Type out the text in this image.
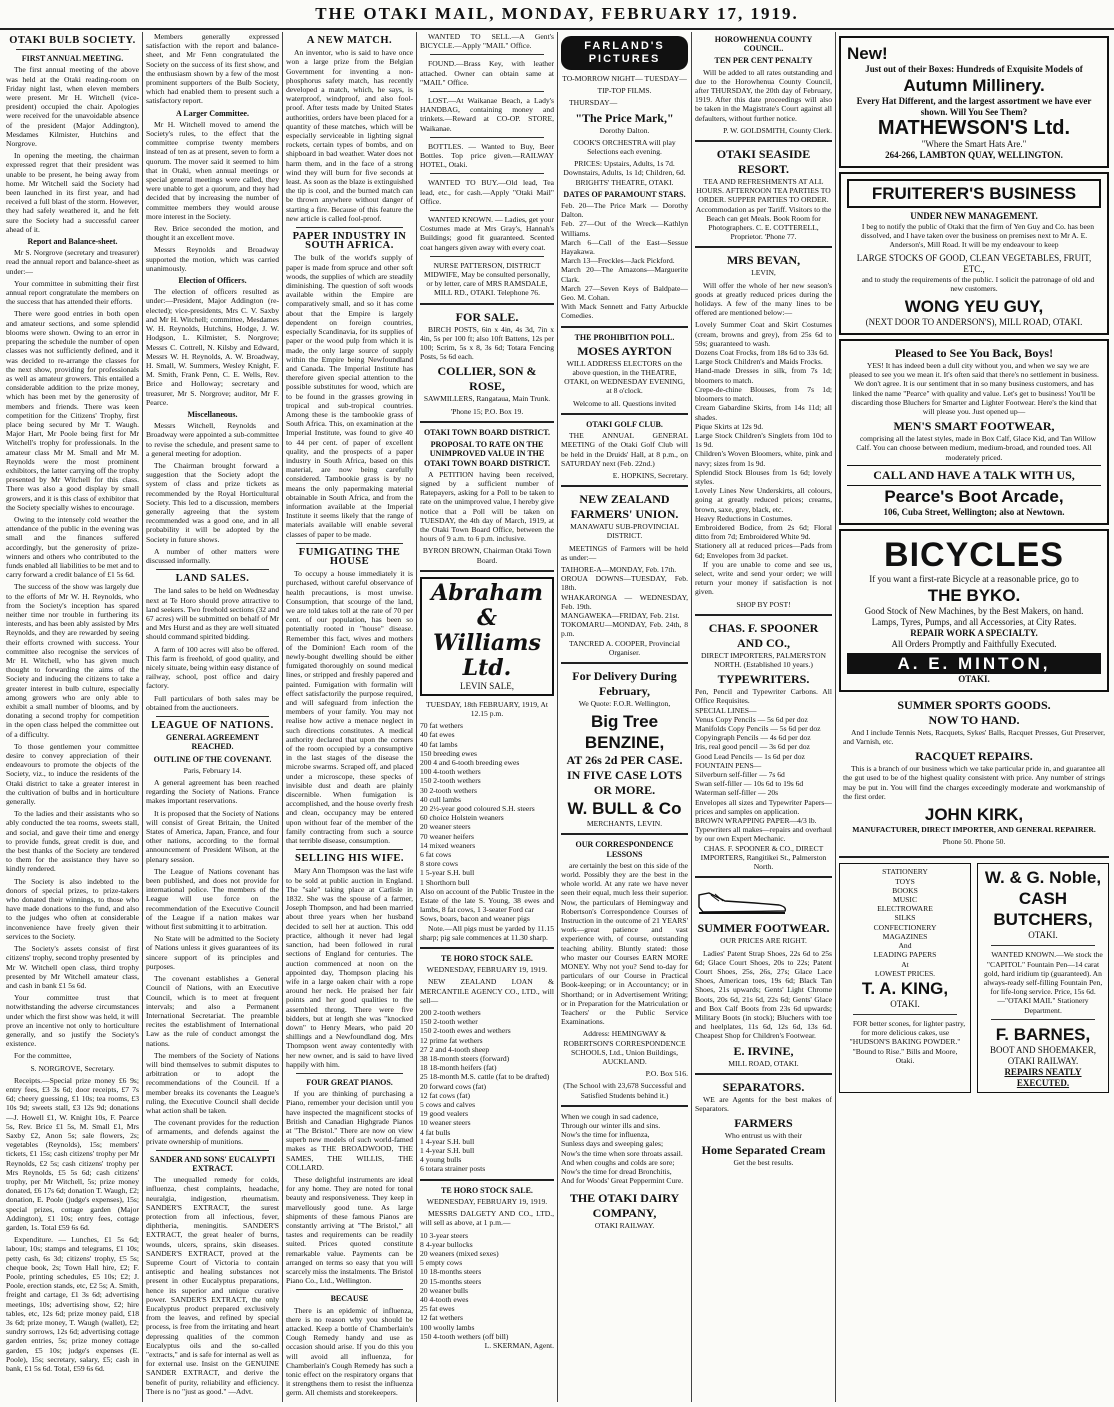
THE OTAKI MAIL, MONDAY, FEBRUARY 17, 1919.
OTAKI BULB SOCIETY.
FIRST ANNUAL MEETING.

The first annual meeting of the above was held at the Otaki reading-room on Friday night last, when eleven members were present. Mr H. Witchell (vice-president) occupied the chair. Apologies were received for the unavoidable absence of the president (Major Addington), Mesdames Kilmister, Hutchins and Norgrove.

In opening the meeting, the chairman expressed regret that their president was unable to be present, he being away from home. Mr Witchell said the Society had been launched in its first year, and had received a full blast of the storm. However, they had safely weathered it, and he felt sure the Society had a successful career ahead of it.

Report and Balance-sheet.

Mr S. Norgrove (secretary and treasurer) read the annual report and balance-sheet as under:—

Your committee in submitting their first annual report congratulate the members on the success that has attended their efforts.

There were good entries in both open and amateur sections, and some splendid blooms were shown. Owing to an error in preparing the schedule the number of open classes was not sufficiently defined, and it was decided to re-arrange the classes for the next show, providing for professionals as well as amateur growers. This entailed a considerable addition to the prize money, which has been met by the generosity of members and friends. There was keen competition for the Citizens' Trophy, first place being secured by Mr T. Waugh. Major Hart, Mr Poole being first for Mr Witchell's trophy for professionals. In the amateur class Mr M. Small and Mr M. Reynolds were the most prominent exhibitors, the latter carrying off the trophy presented by Mr Witchell for this class. There was also a good display by small growers, and it is this class of exhibitor that the Society specially wishes to encourage.

Owing to the intensely cold weather the attendance of the public in the evening was small and the finances suffered accordingly, but the generosity of prize-winners and others who contributed to the funds enabled all liabilities to be met and to carry forward a credit balance of £1 5s 6d.

The success of the show was largely due to the efforts of Mr W. H. Reynolds, who from the Society's inception has spared neither time nor trouble in furthering its interests, and has been ably assisted by Mrs Reynolds, and they are rewarded by seeing their efforts crowned with success. Your committee also recognise the services of Mr H. Witchell, who has given much thought to forwarding the aims of the Society and inducing the citizens to take a greater interest in bulb culture, especially among growers who are only able to exhibit a small number of blooms, and by donating a second trophy for competition in the open class helped the committee out of a difficulty.

To those gentlemen your committee desire to convey appreciation of their endeavours to promote the objects of the Society, viz., to induce the residents of the Otaki district to take a greater interest in the cultivation of bulbs and in horticulture generally.

To the ladies and their assistants who so ably conducted the tea rooms, sweets stall, and social, and gave their time and energy to provide funds, great credit is due, and the best thanks of the Society are tendered to them for the assistance they have so kindly rendered.

The Society is also indebted to the donors of special prizes, to prize-takers who donated their winnings, to those who have made donations to the fund, and also to the judges who often at considerable inconvenience have freely given their services to the Society.

The Society's assets consist of first citizens' trophy, second trophy presented by Mr W. Witchell open class, third trophy presented by Mr Witchell amateur class, and cash in bank £1 5s 6d.

Your committee trust that notwithstanding the adverse circumstances under which the first show was held, it will prove an incentive not only to horticulture generally, and so justify the Society's existence.

For the committee,

S. NORGROVE, Secretary.

Receipts.—Special prize money £6 9s; entry fees, £3 3s 6d; door receipts, £7 7s 6d; cheery guessing, £1 10s; tea rooms, £3 10s 9d; sweets stall, £3 12s 9d; donations—J. Howell £1, W. Knight 10s, F. Pearce 5s, Rev. Brice £1 5s, M. Small £1, Mrs Saxby £2, Anon 5s; sale flowers, 2s; vegetables (Reynolds), 15s; members' tickets, £1 15s; cash citizens' trophy per Mr Reynolds, £2 5s; cash citizens' trophy per Mrs Reynolds, £5 5s 6d; cash citizens' trophy, per Mr Witchell, 5s; prize money donated, £6 17s 6d; donation T. Waugh, £2; donation, E. Poole (judge's expenses), 15s; special prizes, cottage garden (Major Addington), £1 10s; entry fees, cottage garden, 1s. Total £59 6s 6d.

Expenditure. — Lunches, £1 5s 6d; labour, 10s; stamps and telegrams, £1 10s; petty cash, 6s 3d; citizens' trophy, £5 5s; cheque book, 2s; Town Hall hire, £2; F. Poole, printing schedules, £5 10s; £2; J. Poole, erection stands, etc, £2 5s; A. Smith, freight and cartage, £1 3s 6d; advertising meetings, 10s; advertising show, £2; hire tables, etc, 12s 6d; prize money paid, £18 3s 6d; prize money, T. Waugh (wallet), £2; sundry sorrows, 12s 6d; advertising cottage garden entries, 5s; prize money cottage garden, £5 10s; judge's expenses (E. Poole), 15s; secretary, salary, £5; cash in bank, £1 5s 6d. Total, £59 6s 6d.

Members generally expressed satisfaction with the report and balance-sheet, and Mr Fenn congratulated the Society on the success of its first show, and the enthusiasm shown by a few of the most prominent supporters of the Bulb Society, which had enabled them to present such a satisfactory report.

A Larger Committee.

Mr H. Witchell moved to amend the Society's rules, to the effect that the committee comprise twenty members instead of ten as at present, seven to form a quorum. The mover said it seemed to him that in Otaki, when annual meetings or special general meetings were called, they were unable to get a quorum, and they had decided that by increasing the number of committee members they would arouse more interest in the Society.

Rev. Brice seconded the motion, and thought it an excellent move.

Messrs Reynolds and Broadway supported the motion, which was carried unanimously.

Election of Officers.

The election of officers resulted as under:—President, Major Addington (re-elected); vice-presidents, Mrs C. V. Saxby and Mr H. Witchell; committee, Mesdames W. H. Reynolds, Hutchins, Hodge, J. W. Hodgson, L. Kilmister, S. Norgrove; Messrs C. Cottrell, N. Kilsby and Edward, Messrs W. H. Reynolds, A. W. Broadway, H. Small, W. Summers, Wesley Knight, F. M. Smith, Frank Penn, C. E. Wells, Rev. Brice and Holloway; secretary and treasurer, Mr S. Norgrove; auditor, Mr F. Pearce.

Miscellaneous.

Messrs Witchell, Reynolds and Broadway were appointed a sub-committee to revise the schedule, and present same to a general meeting for adoption.

The Chairman brought forward a suggestion that the Society adopt the system of class and prize tickets as recommended by the Royal Horticultural Society. This led to a discussion, members generally agreeing that the system recommended was a good one, and in all probability it will be adopted by the Society in future shows.

A number of other matters were discussed informally.

LAND SALES.

The land sales to be held on Wednesday next at Te Horo should prove attractive to land seekers. Two freehold sections (32 and 67 acres) will be submitted on behalf of Mr and Mrs Hurst and as they are well situated should command spirited bidding.

A farm of 100 acres will also be offered. This farm is freehold, of good quality, and nicely situate, being within easy distance of railway, school, post office and dairy factory.

Full particulars of both sales may be obtained from the auctioneers.

LEAGUE OF NATIONS.
GENERAL AGREEMENT REACHED.
OUTLINE OF THE COVENANT.

Paris, February 14.

A general agreement has been reached regarding the Society of Nations. France makes important reservations.

It is proposed that the Society of Nations will consist of Great Britain, the United States of America, Japan, France, and four other nations, according to the formal announcement of President Wilson, at the plenary session.

The League of Nations covenant has been published, and does not provide for international police. The members of the League will use force on the recommendation of the Executive Council of the League if a nation makes war without first submitting it to arbitration.

No State will be admitted to the Society of Nations unless it gives guarantees of its sincere support of its principles and purposes.

The covenant establishes a General Council of Nations, with an Executive Council, which is to meet at frequent intervals; and also a Permanent International Secretariat. The preamble recites the establishment of International Law as the rule of conduct amongst the nations.

The members of the Society of Nations will bind themselves to submit disputes to arbitration or to adopt the recommendations of the Council. If a member breaks its covenants the League's ruling, the Executive Council shall decide what action shall be taken.

The covenant provides for the reduction of armaments, and defends against the private ownership of munitions.

SANDER AND SONS' EUCALYPTI EXTRACT.

The unequalled remedy for colds, influenza, chest complaints, headache, neuralgia, indigestion, rheumatism. SANDER'S EXTRACT, the surest protection from all infectious, fever, diphtheria, meningitis. SANDER'S EXTRACT, the great healer of burns, wounds, ulcers, sprains, skin diseases. SANDER'S EXTRACT, proved at the Supreme Court of Victoria to contain antiseptic and healing substances not present in other Eucalyptus preparations, hence its superior and unique curative power. SANDER'S EXTRACT, the only Eucalyptus product prepared exclusively from the leaves, and refined by special process, is free from the irritating and heart depressing qualities of the common Eucalyptus oils and the so-called "extracts," and is safe for internal as well as for external use. Insist on the GENUINE SANDER EXTRACT, and derive the benefit of purity, reliability and efficiency. There is no "just as good." —Advt.

A NEW MATCH.

An inventor, who is said to have once won a large prize from the Belgian Government for inventing a non-phosphorus safety match, has recently developed a match, which, he says, is waterproof, windproof, and also fool-proof. After tests made by United States authorities, orders have been placed for a quantity of these matches, which will be especially serviceable in lighting signal rockets, certain types of bombs, and on shipboard in bad weather. Water does not harm them, and in the face of a strong wind they will burn for five seconds at least. As soon as the blaze is extinguished the tip is cool, and the burned match can be thrown anywhere without danger of starting a fire. Because of this feature the new article is called fool-proof.

PAPER INDUSTRY IN SOUTH AFRICA.

The bulk of the world's supply of paper is made from spruce and other soft woods, the supplies of which are steadily diminishing. The question of soft woods available within the Empire are comparatively small, and so it has come about that the Empire is largely dependent on foreign countries, especially Scandinavia, for its supplies of paper or the wood pulp from which it is made, the only large source of supply within the Empire being Newfoundland and Canada. The Imperial Institute has therefore given special attention to the possible substitutes for wood, which are to be found in the grasses growing in tropical and sub-tropical countries. Among these is the tambookie grass of South Africa. This, on examination at the Imperial Institute, was found to give 40 to 44 per cent. of paper of excellent quality, and the prospects of a paper industry in South Africa, based on this material, are now being carefully considered. Tambookie grass is by no means the only papermaking material obtainable in South Africa, and from the information available at the Imperial Institute it seems likely that the range of materials available will enable several classes of paper to be made.

FUMIGATING THE HOUSE

To occupy a house immediately it is purchased, without careful observance of health precautions, is most unwise. Consumption, that scourge of the land, we are told takes toll at the rate of 70 per cent. of our population, has been so potentially rooted in "house" disease. Remember this fact, wives and mothers of the Dominion! Each room of the newly-bought dwelling should be either fumigated thoroughly on sound medical lines, or stripped and freshly papered and painted. Fumigation with formalin will effect satisfactorily the purpose required, and will safeguard from infection the members of your family. You may not realise how active a menace neglect in such directions constitutes. A medical authority declared that upon the corners of the room occupied by a consumptive in the last stages of the disease the microbe swarms. Scraped off, and placed under a microscope, these specks of invisible dust and death are plainly discernible. When fumigation is accomplished, and the house overly fresh and clean, occupancy may be entered upon without fear of the member of the family contracting from such a source that terrible disease, consumption.

SELLING HIS WIFE.

Mary Ann Thompson was the last wife to be sold at public auction in England. The "sale" taking place at Carlisle in 1832. She was the spouse of a farmer, Joseph Thompson, and had been married about three years when her husband decided to sell her at auction. This odd practice, although it never had legal sanction, had been followed in rural sections of England for centuries. The auction commenced at noon on the appointed day, Thompson placing his wife in a large oaken chair with a rope around her neck. He praised her fair points and her good qualities to the assembled throng. There were five bidders, but at length she was "knocked down" to Henry Mears, who paid 20 shillings and a Newfoundland dog. Mrs Thompson went away contentedly with her new owner, and is said to have lived happily with him.

FOUR GREAT PIANOS.

If you are thinking of purchasing a Piano, remember your decision until you have inspected the magnificent stocks of British and Canadian Highgrade Pianos at "The Bristol." There are now on view superb new models of such world-famed makes as THE BROADWOOD, THE SAMES, THE WILLIS, THE COLLARD.

These delightful instruments are ideal for any home. They are noted for tonal beauty and responsiveness. They keep in marvellously good tune. As large shipments of these famous Pianos are constantly arriving at "The Bristol," all tastes and requirements can be readily suited. Prices quoted constitute remarkable value. Payments can be arranged on terms so easy that you will scarcely miss the instalments. The Bristol Piano Co., Ltd., Wellington.

BECAUSE

There is an epidemic of influenza, there is no reason why you should be attacked. Keep a bottle of Chamberlain's Cough Remedy handy and use as occasion should arise. If you do this you will avoid all influenza, for Chamberlain's Cough Remedy has such a tonic effect on the respiratory organs that it strengthens them to resist the influenza germ. All chemists and storekeepers.

WANTED TO SELL.—A Gent's BICYCLE.—Apply "MAIL" Office.

FOUND.—Brass Key, with leather attached. Owner can obtain same at "MAIL" Office.

LOST.—At Waikanae Beach, a Lady's HANDBAG, containing money and trinkets.—Reward at CO-OP. STORE, Waikanae.

BOTTLES. — Wanted to Buy, Beer Bottles. Top price given.—RAILWAY HOTEL, Otaki.

WANTED TO BUY.—Old lead, Tea lead, etc., for cash.—Apply "Otaki Mail" Office.

WANTED KNOWN. — Ladies, get your Costumes made at Mrs Gray's, Hannah's Buildings; good fit guaranteed. Scented coat hangers given away with every coat.

NURSE PATTERSON, DISTRICT MIDWIFE, May be consulted personally, or by letter, care of MRS RAMSDALE, MILL RD., OTAKI. Telephone 76.

FOR SALE.

BIRCH POSTS, 6in x 4in, 4s 3d, 7in x 4in, 5s per 100 ft; also 10ft Battens, 12s per 100; Scrim, 5s x 8, 3s 6d; Totara Fencing Posts, 5s 6d each.

COLLIER, SON & ROSE,

SAWMILLERS, Rangataua, Main Trunk.

'Phone 15; P.O. Box 19.

OTAKI TOWN BOARD DISTRICT.
PROPOSAL TO RATE ON THE UNIMPROVED VALUE IN THE OTAKI TOWN BOARD DISTRICT.

A PETITION having been received, signed by a sufficient number of Ratepayers, asking for a Poll to be taken to rate on the unimproved value, I hereby give notice that a Poll will be taken on TUESDAY, the 4th day of March, 1919, at the Otaki Town Board Office, between the hours of 9 a.m. to 6 p.m. inclusive.

BYRON BROWN, Chairman Otaki Town Board.

Abraham & Williams Ltd.
LEVIN SALE,

TUESDAY, 18th FEBRUARY, 1919, At 12.15 p.m.

70 fat wethers

40 fat ewes

40 fat lambs

150 breeding ewes

200 4 and 6-tooth breeding ewes

100 4-tooth wethers

150 2-tooth wethers

30 2-tooth wethers

40 cull lambs

20 2½-year good coloured S.H. steers

60 choice Holstein weaners

20 weaner steers

70 weaner heifers

14 mixed weaners

6 fat cows

8 store cows

1 5-year S.H. bull

1 Shorthorn bull

Also on account of the Public Trustee in the Estate of the late S. Young, 38 ewes and lambs, 8 fat cows, 1 3-seater Ford car

Sows, boars, bacon and weaner pigs

Note.—All pigs must be yarded by 11.15 sharp; pig sale commences at 11.30 sharp.

TE HORO STOCK SALE.

WEDNESDAY, FEBRUARY 19, 1919.

NEW ZEALAND LOAN & MERCANTILE AGENCY CO., LTD., will sell—

200 2-tooth wethers

150 2-tooth wether

150 2-tooth ewes and wethers

12 prime fat wethers

27 2 and 4-tooth sheep

38 18-month steers (forward)

18 18-month heifers (fat)

25 18-month M.S. cattle (fat to be drafted)

20 forward cows (fat)

12 fat cows (fat)

5 cows and calves

19 good vealers

10 weaner steers

4 fat bulls

1 4-year S.H. bull

1 4-year S.H. bull

4 young bulls

6 totara strainer posts

TE HORO STOCK SALE.

WEDNESDAY, FEBRUARY 19, 1919.

MESSRS DALGETY AND CO., LTD., will sell as above, at 1 p.m.—

10 3-year steers

8 4-year bullocks

20 weaners (mixed sexes)

5 empty cows

10 18-months steers

20 15-months steers

20 weaner bulls

40 4-tooth ewes

25 fat ewes

12 fat wethers

100 woolly lambs

150 4-tooth wethers (off bill)

L. SKERMAN, Agent.

FARLAND'S PICTURES

TO-MORROW NIGHT— TUESDAY—

TIP-TOP FILMS.

THURSDAY—

"The Price Mark,"

Dorothy Dalton.

COOK'S ORCHESTRA will play Selections each evening.

PRICES: Upstairs, Adults, 1s 7d. Downstairs, Adults, 1s 1d; Children, 6d. BRIGHTS' THEATRE, OTAKI.

DATES OF PARAMOUNT STARS.

Feb. 20—The Price Mark — Dorothy Dalton.

Feb. 27—Out of the Wreck—Kathlyn Williams.

March 6—Call of the East—Sessue Hayakawa.

March 13—Freckles—Jack Pickford.

March 20—The Amazons—Marguerite Clark.

March 27—Seven Keys of Baldpate—Geo. M. Cohan.

With Mack Sennett and Fatty Arbuckle Comedies.

THE PROHIBITION POLL.
MOSES AYRTON

WILL ADDRESS ELECTORS on the above question, in the THEATRE, OTAKI, on WEDNESDAY EVENING, at 8 o'clock.

Welcome to all. Questions invited

OTAKI GOLF CLUB.

THE ANNUAL GENERAL MEETING of the Otaki Golf Club will be held in the Druids' Hall, at 8 p.m., on SATURDAY next (Feb. 22nd.)

E. HOPKINS, Secretary.

NEW ZEALAND FARMERS' UNION.

MANAWATU SUB-PROVINCIAL DISTRICT.

MEETINGS of Farmers will be held as under:—

TAIHORE-A—MONDAY, Feb. 17th.

OROUA DOWNS—TUESDAY, Feb. 18th.

WHAKARONGA — WEDNESDAY, Feb. 19th.

MANGAWEKA—FRIDAY, Feb. 21st.

TOKOMARU—MONDAY, Feb. 24th, 8 p.m.

TANCRED A. COOPER, Provincial Organiser.

For Delivery During February,

We Quote: F.O.R. Wellington,

Big Tree
BENZINE,
AT 26s 2d PER CASE.
IN FIVE CASE LOTS OR MORE.
W. BULL & Co

MERCHANTS, LEVIN.

OUR CORRESPONDENCE LESSONS

are certainly the best on this side of the world. Possibly they are the best in the whole world. At any rate we have never seen their equal, much less their superior. Now, the particulars of Hemingway and Robertson's Correspondence Courses of Instruction in the outcome of 21 YEARS' work—great patience and vast experience with, of course, outstanding teaching ability. Bluntly stated: those who master our Courses EARN MORE MONEY. Why not you? Send to-day for particulars of our Course in Practical Book-keeping; or in Accountancy; or in Shorthand; or in Advertisement Writing; or in Preparation for the Matriculation or Teachers' or the Public Service Examinations.

Address: HEMINGWAY & ROBERTSON'S CORRESPONDENCE SCHOOLS, Ltd., Union Buildings, AUCKLAND.

P.O. Box 516.

(The School with 23,678 Successful and Satisfied Students behind it.)

When we cough in sad cadence,

Through our winter ills and sins.

Now's the time for influenza,

Sunless days and sweeping gales;

Now's the time when sore throats assail.

And when coughs and colds are sore;

Now's the time for dread Bronchitis,

And for Woods' Great Peppermint Cure.

THE OTAKI DAIRY COMPANY,

OTAKI RAILWAY.

HOROWHENUA COUNTY COUNCIL.
TEN PER CENT PENALTY

Will be added to all rates outstanding and due to the Horowhenua County Council, after THURSDAY, the 20th day of February, 1919. After this date proceedings will also be taken in the Magistrate's Court against all defaulters, without further notice.

P. W. GOLDSMITH, County Clerk.

OTAKI SEASIDE RESORT.

TEA AND REFRESHMENTS AT ALL HOURS. AFTERNOON TEA PARTIES TO ORDER. SUPPER PARTIES TO ORDER. Accommodation as per Tariff. Visitors to the Beach can get Meals. Book Room for Photographers. C. E. COTTERELL, Proprietor. 'Phone 77.

MRS BEVAN,

LEVIN,

Will offer the whole of her new season's goods at greatly reduced prices during the holidays. A few of the many lines to be offered are mentioned below:—

Lovely Summer Coat and Skirt Costumes (cream, browns and grey), from 25s 6d to 59s; guaranteed to wash.

Dozens Coat Frocks, from 18s 6d to 33s 6d.

Large Stock Children's and Maids Frocks.

Hand-made Dresses in silk, from 7s 1d; bloomers to match.

Crepe-de-chine Blouses, from 7s 1d; bloomers to match.

Cream Gabardine Skirts, from 14s 11d; all shades.

Pique Skirts at 12s 9d.

Large Stock Children's Singlets from 10d to 1s 9d.

Children's Woven Bloomers, white, pink and navy; sizes from 1s 9d.

Splendid Stock Blouses from 1s 6d; lovely styles.

Lovely Lines New Underskirts, all colours, going at greatly reduced prices; creams, brown, saxe, grey, black, etc.

Heavy Reductions in Costumes.

Embroidered Bodice, from 2s 6d; Floral ditto from 7d; Embroidered White 9d.

Stationery all at reduced prices—Pads from 6d; Envelopes from 3d packet.

If you are unable to come and see us, select, write and send your order; we will return your money if satisfaction is not given.

SHOP BY POST!

CHAS. F. SPOONER AND CO.,

DIRECT IMPORTERS, PALMERSTON NORTH. (Established 10 years.)

TYPEWRITERS.

Pen, Pencil and Typewriter Carbons. All Office Requisites.

SPECIAL LINES—

Venus Copy Pencils — 5s 6d per doz

Manifolds Copy Pencils — 5s 6d per doz

Copyingraph Pencils — 4s 6d per doz

Iris, real good pencil — 3s 6d per doz

Good Lead Pencils — 1s 6d per doz

FOUNTAIN PENS—

Silverburn self-filler — 7s 6d

Swan self-filler — 10s 6d to 19s 6d

Waterman self-filler — 20s

Envelopes all sizes and Typewriter Papers—prices and samples on application.

BROWN WRAPPING PAPER—4/3 lb.

Typewriters all makes—repairs and overhaul by our own Expert Mechanic.

CHAS. F. SPOONER & CO., DIRECT IMPORTERS, Rangitikei St., Palmerston North.

SUMMER FOOTWEAR.

OUR PRICES ARE RIGHT.

Ladies' Patent Strap Shoes, 22s 6d to 25s 6d; Glace Court Shoes, 20s to 22s; Patent Court Shoes, 25s, 26s, 27s; Glace Lace Shoes, American toes, 19s 6d; Black Tan Shoes, 21s upwards; Gents' Light Chrome Boots, 20s 6d, 21s 6d, 22s 6d; Gents' Glace and Box Calf Boots from 23s 6d upwards; Military Boots (in stock); Bluchers with toe and heelplates, 11s 6d, 12s 6d, 13s 6d. Cheapest Shop for Children's Footwear.

E. IRVINE,

MILL ROAD, OTAKI.

SEPARATORS.

WE are Agents for the best makes of Separators.

FARMERS

Who entrust us with their

Home Separated Cream

Get the best results.

New!
Just out of their Boxes: Hundreds of Exquisite Models of
Autumn Millinery.
Every Hat Different, and the largest assortment we have ever shown. Will You See Them?
MATHEWSON'S Ltd.
"Where the Smart Hats Are."
264-266, LAMBTON QUAY, WELLINGTON.
FRUITERER'S BUSINESS
UNDER NEW MANAGEMENT.

I beg to notify the public of Otaki that the firm of Yen Guy and Co. has been dissolved, and I have taken over the business on premises next to Mr A. E. Anderson's, Mill Road. It will be my endeavour to keep

LARGE STOCKS OF GOOD, CLEAN VEGETABLES, FRUIT, ETC.,

and to study the requirements of the public. I solicit the patronage of old and new customers.

WONG YEU GUY,
(NEXT DOOR TO ANDERSON'S), MILL ROAD, OTAKI.
Pleased to See You Back, Boys!

YES! It has indeed been a dull city without you, and when we say we are pleased to see you we mean it. It's often said that there's no settlement in business. We don't agree. It is our sentiment that in so many business customers, and has linked the name "Pearce" with quality and value. Let's get to business! You'll be discarding those Bluchers for Smarter and Lighter Footwear. Here's the kind that will please you. Just opened up—

MEN'S SMART FOOTWEAR,

comprising all the latest styles, made in Box Calf, Glace Kid, and Tan Willow Calf. You can choose between medium, medium-broad, and rounded toes. All moderately priced.

CALL AND HAVE A TALK WITH US,
Pearce's Boot Arcade,
106, Cuba Street, Wellington; also at Newtown.
BICYCLES
If you want a first-rate Bicycle at a reasonable price, go to
THE BYKO.
Good Stock of New Machines, by the Best Makers, on hand.
Lamps, Tyres, Pumps, and all Accessories, at City Rates.
REPAIR WORK A SPECIALTY.
All Orders Promptly and Faithfully Executed.
A. E. MINTON,
OTAKI.
SUMMER SPORTS GOODS.
NOW TO HAND.

And I include Tennis Nets, Racquets, Sykes' Balls, Racquet Presses, Gut Preserver, and Varnish, etc.

RACQUET REPAIRS.

This is a branch of our business which we take particular pride in, and guarantee all the gut used to be of the highest quality consistent with price. Any number of strings may be put in. You will find the charges exceedingly moderate and workmanship of the first order.

JOHN KIRK,

MANUFACTURER, DIRECT IMPORTER, AND GENERAL REPAIRER.

Phone 50. Phone 50.

STATIONERY

TOYS

BOOKS

MUSIC

ELECTROWARE

SILKS

CONFECTIONERY

MAGAZINES

And

LEADING PAPERS

At

LOWEST PRICES.

T. A. KING,
OTAKI.

FOR better scones, for lighter pastry, for more delicious cakes, use "HUDSON'S BAKING POWDER." "Bound to Rise." Bills and Moore, Otaki.

W. & G. Noble,
CASH BUTCHERS,
OTAKI.

WANTED KNOWN.—We stock the "CAPITOL" Fountain Pen—14 carat gold, hard iridium tip (guaranteed). An always-ready self-filling Fountain Pen, for life-long service. Price, 15s 6d.—"OTAKI MAIL" Stationery Department.

F. BARNES,
BOOT AND SHOEMAKER, OTAKI RAILWAY.
REPAIRS NEATLY EXECUTED.
